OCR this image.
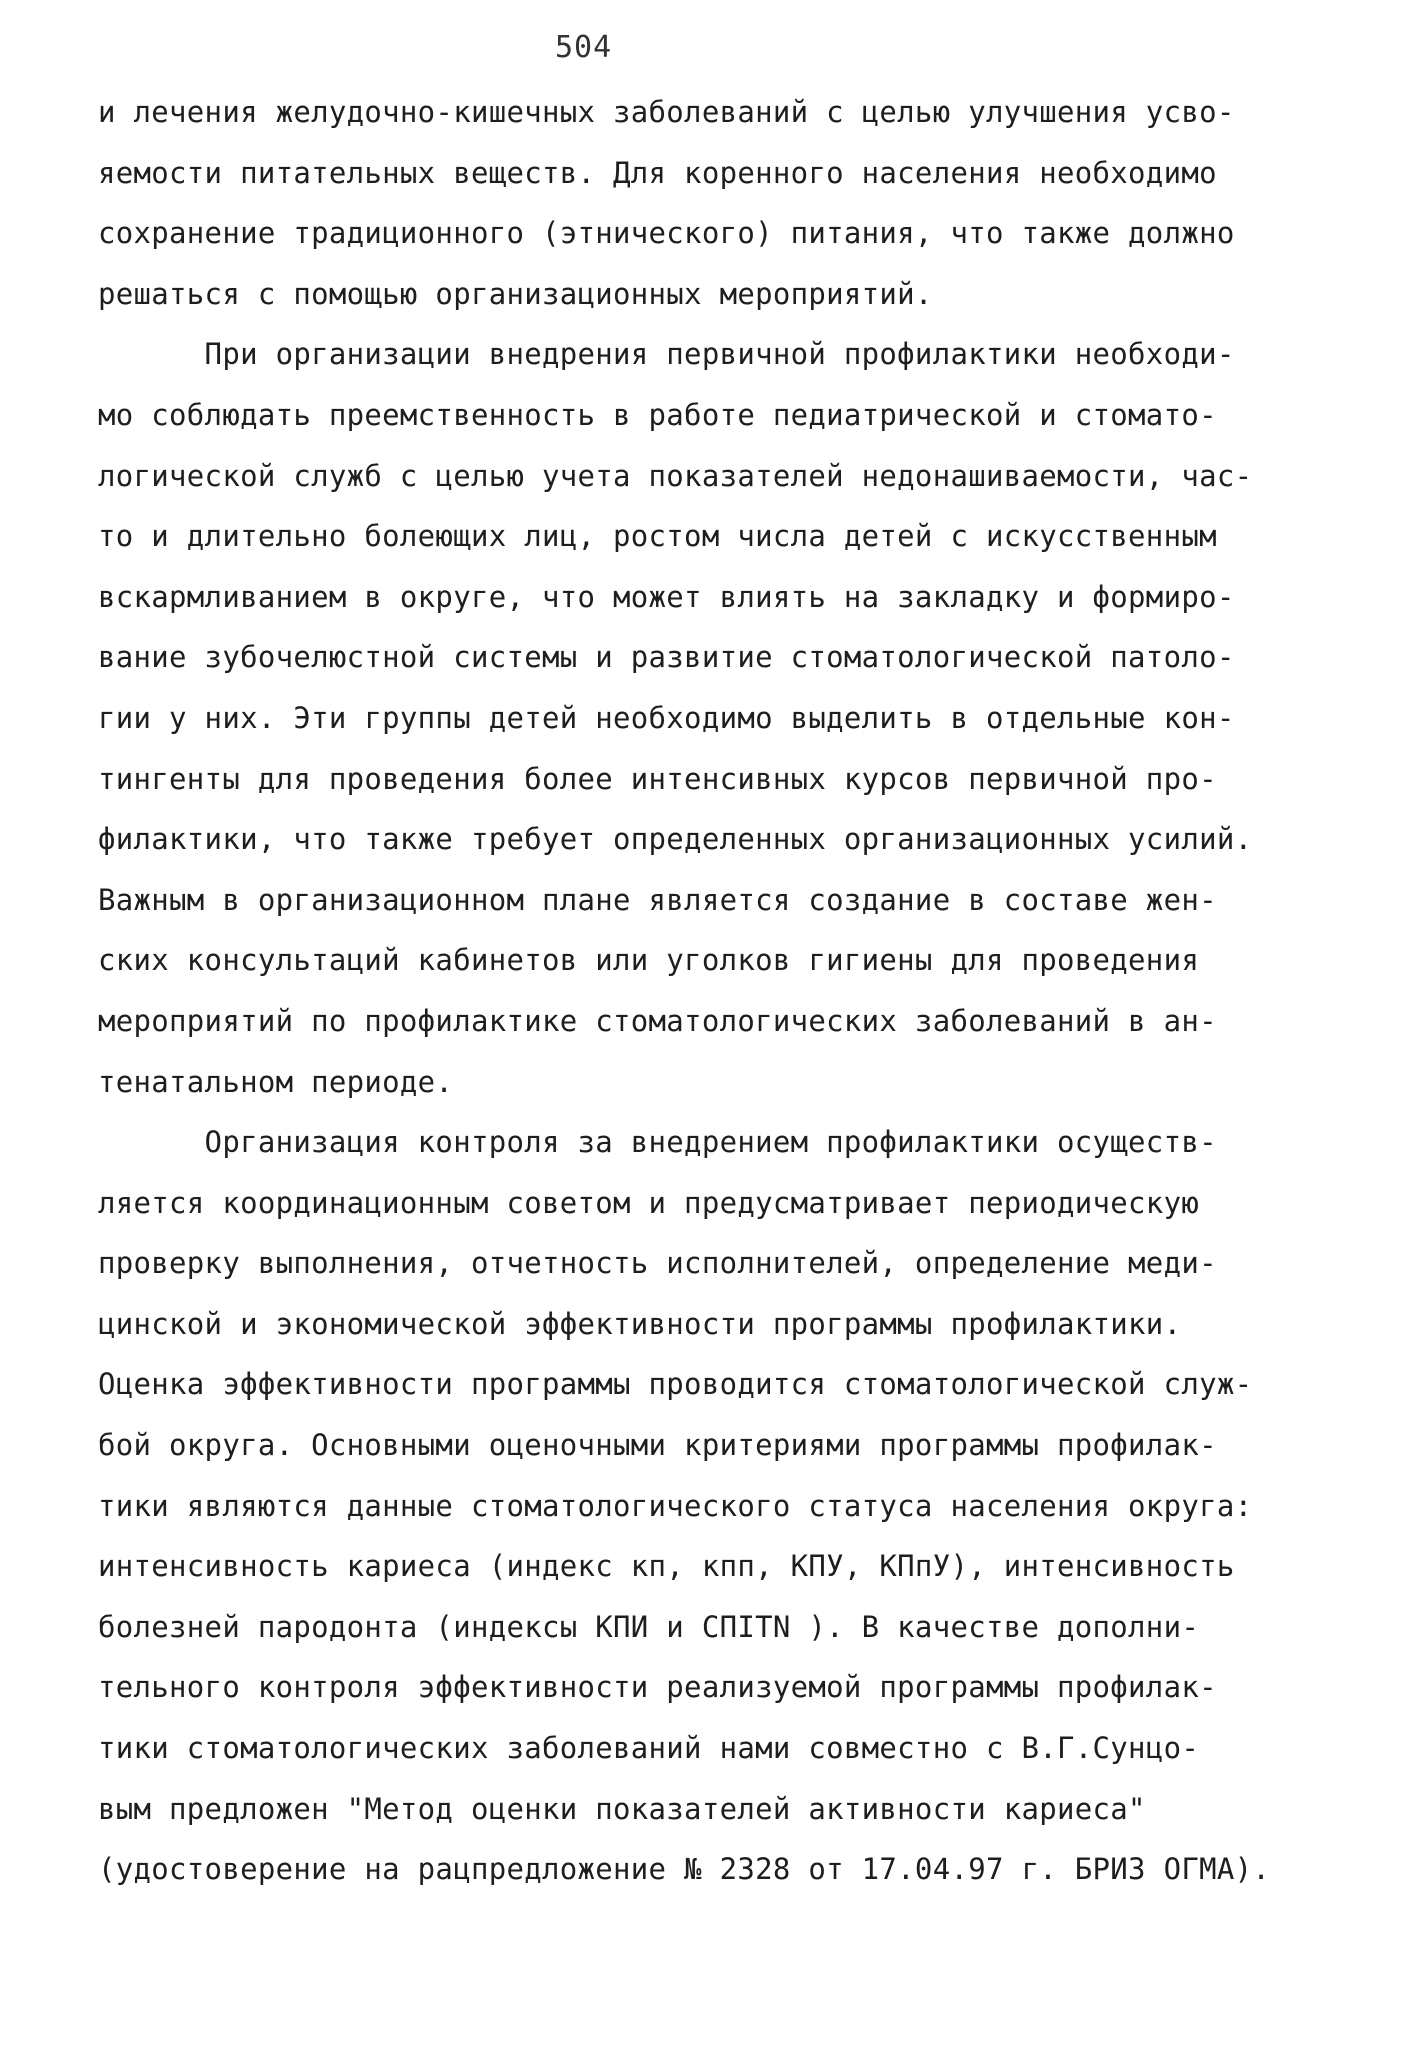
504
и лечения желудочно-кишечных заболеваний с целью улучшения усво-
яемости питательных веществ. Для коренного населения необходимо
сохранение традиционного (этнического) питания, что также должно
решаться с помощью организационных мероприятий.
При организации внедрения первичной профилактики необходи-
мо соблюдать преемственность в работе педиатрической и стомато-
логической служб с целью учета показателей недонашиваемости, час-
то и длительно болеющих лиц, ростом числа детей с искусственным
вскармливанием в округе, что может влиять на закладку и формиро-
вание зубочелюстной системы и развитие стоматологической патоло-
гии у них. Эти группы детей необходимо выделить в отдельные кон-
тингенты для проведения более интенсивных курсов первичной про-
филактики, что также требует определенных организационных усилий.
Важным в организационном плане является создание в составе жен-
ских консультаций кабинетов или уголков гигиены для проведения
мероприятий по профилактике стоматологических заболеваний в ан-
тенатальном периоде.
Организация контроля за внедрением профилактики осуществ-
ляется координационным советом и предусматривает периодическую
проверку выполнения, отчетность исполнителей, определение меди-
цинской и экономической эффективности программы профилактики.
Оценка эффективности программы проводится стоматологической служ-
бой округа. Основными оценочными критериями программы профилак-
тики являются данные стоматологического статуса населения округа:
интенсивность кариеса (индекс кп, кпп, КПУ, КПпУ), интенсивность
болезней пародонта (индексы КПИ и CПITN ). В качестве дополни-
тельного контроля эффективности реализуемой программы профилак-
тики стоматологических заболеваний нами совместно с В.Г.Сунцо-
вым предложен "Метод оценки показателей активности кариеса"
(удостоверение на рацпредложение № 2328 от 17.04.97 г. БРИЗ ОГМА).
